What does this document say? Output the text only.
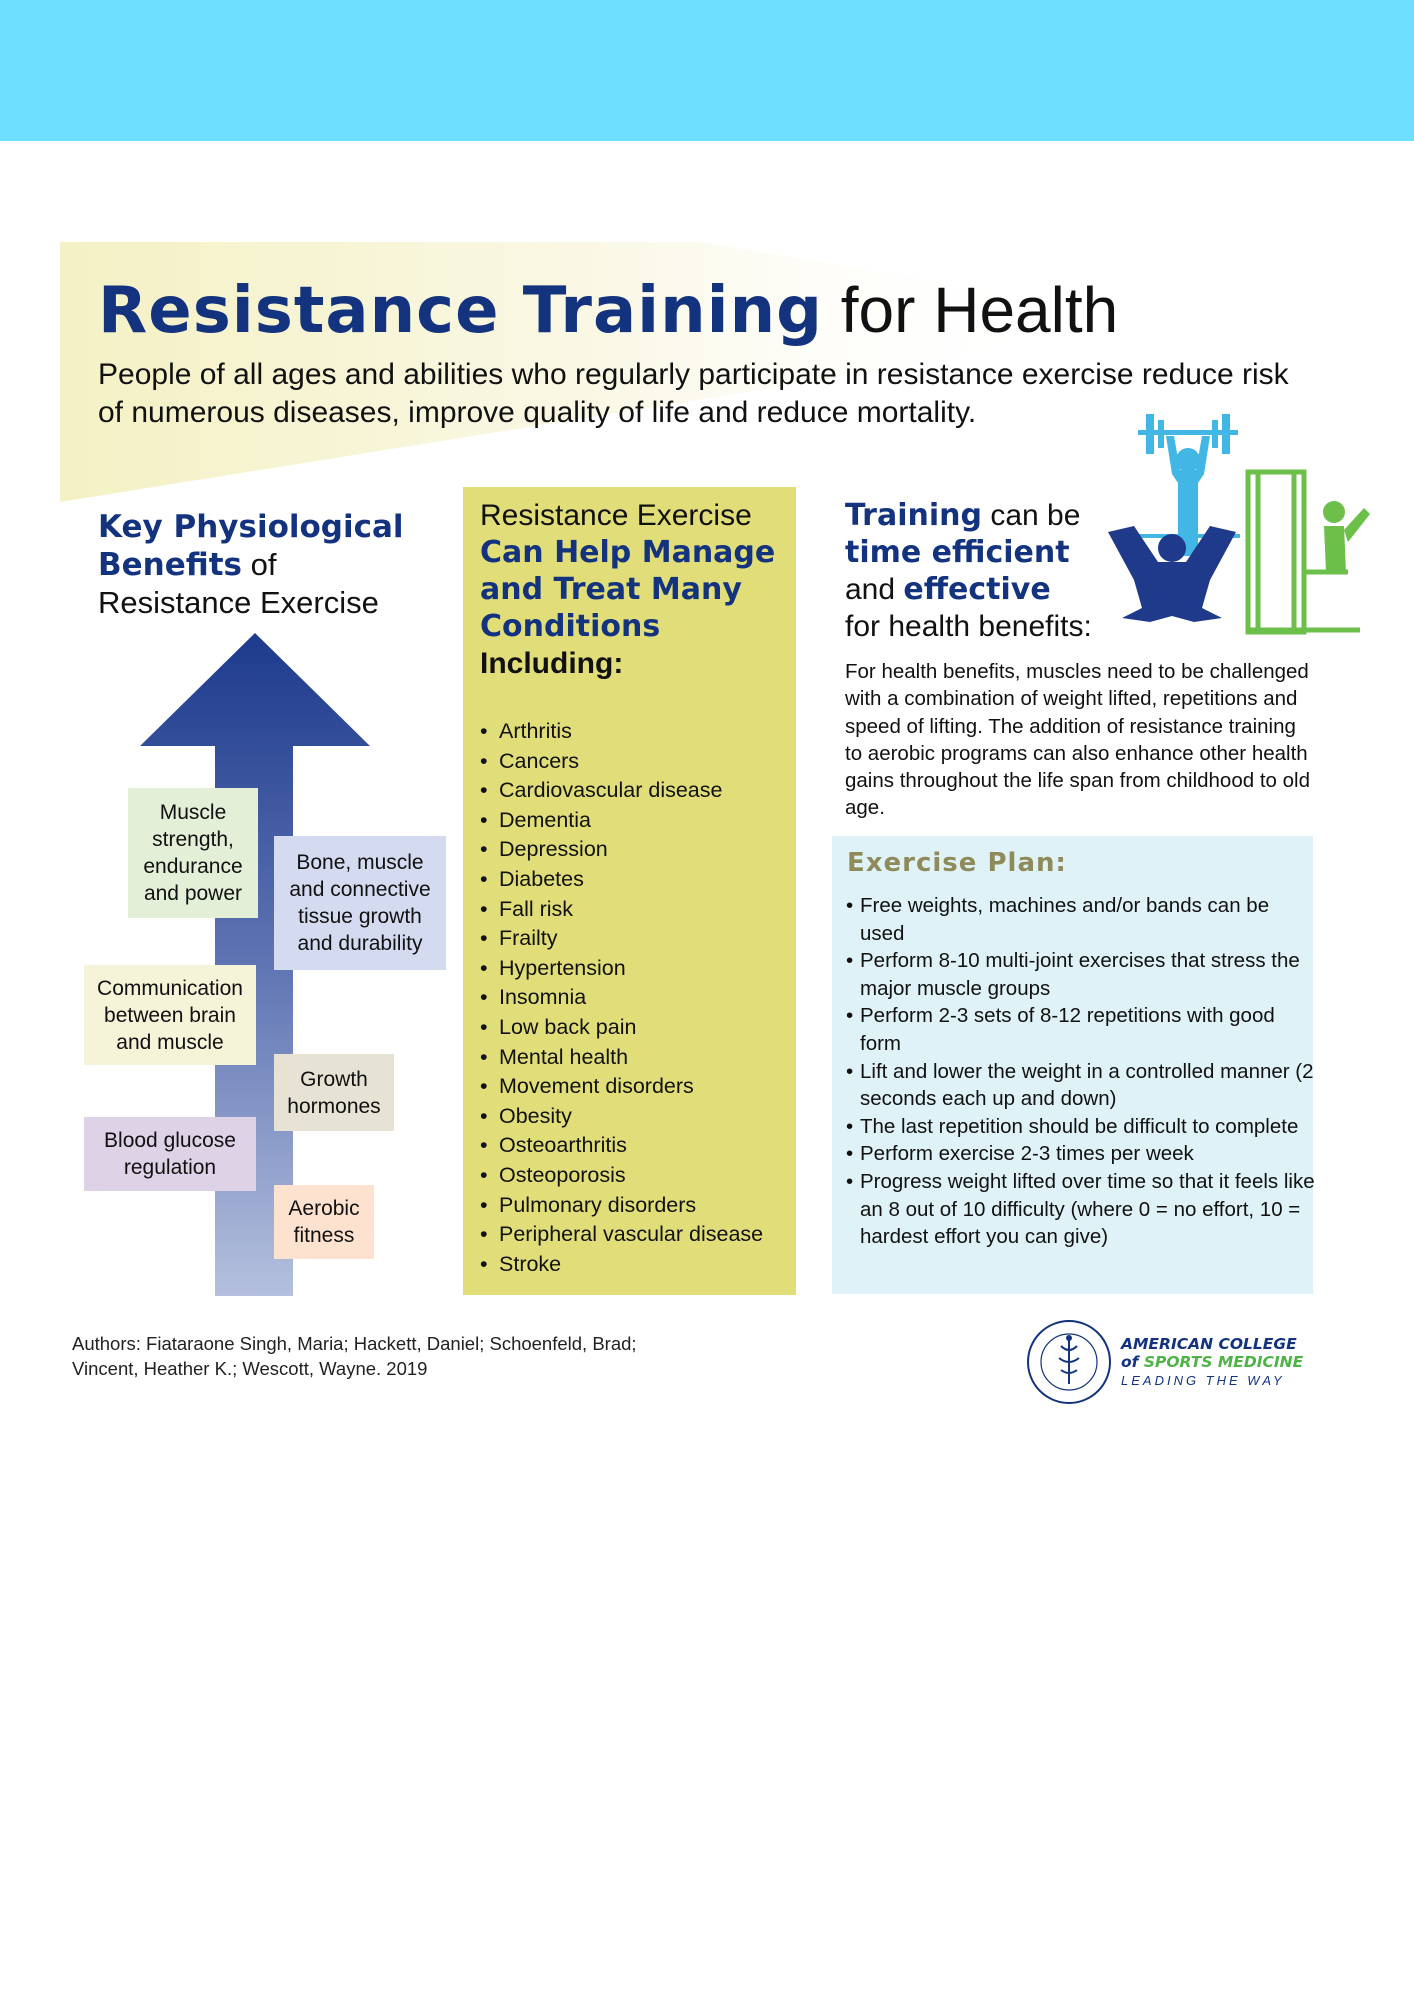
Resistance Training for Health

People of all ages and abilities who regularly participate in resistance exercise reduce risk of numerous diseases, improve quality of life and reduce mortality.

Key Physiological Benefits of
Resistance Exercise

Muscle strength, endurance and power
Bone, muscle and connective tissue growth and durability
Communication between brain and muscle
Growth hormones
Blood glucose regulation
Aerobic fitness

Resistance Exercise
Can Help Manage and Treat Many Conditions
Including:

• Arthritis
• Cancers
• Cardiovascular disease
• Dementia
• Depression
• Diabetes
• Fall risk
• Frailty
• Hypertension
• Insomnia
• Low back pain
• Mental health
• Movement disorders
• Obesity
• Osteoarthritis
• Osteoporosis
• Pulmonary disorders
• Peripheral vascular disease
• Stroke

Training can be
time efficient
and effective
for health benefits:

For health benefits, muscles need to be challenged with a combination of weight lifted, repetitions and speed of lifting. The addition of resistance training to aerobic programs can also enhance other health gains throughout the life span from childhood to old age.

Exercise Plan:

• Free weights, machines and/or bands can be used
• Perform 8-10 multi-joint exercises that stress the major muscle groups
• Perform 2-3 sets of 8-12 repetitions with good form
• Lift and lower the weight in a controlled manner (2 seconds each up and down)
• The last repetition should be difficult to complete
• Perform exercise 2-3 times per week
• Progress weight lifted over time so that it feels like an 8 out of 10 difficulty (where 0 = no effort, 10 = hardest effort you can give)

Authors: Fiataraone Singh, Maria; Hackett, Daniel; Schoenfeld, Brad;
Vincent, Heather K.; Wescott, Wayne. 2019

AMERICAN COLLEGE
of SPORTS MEDICINE

LEADING THE WAY
